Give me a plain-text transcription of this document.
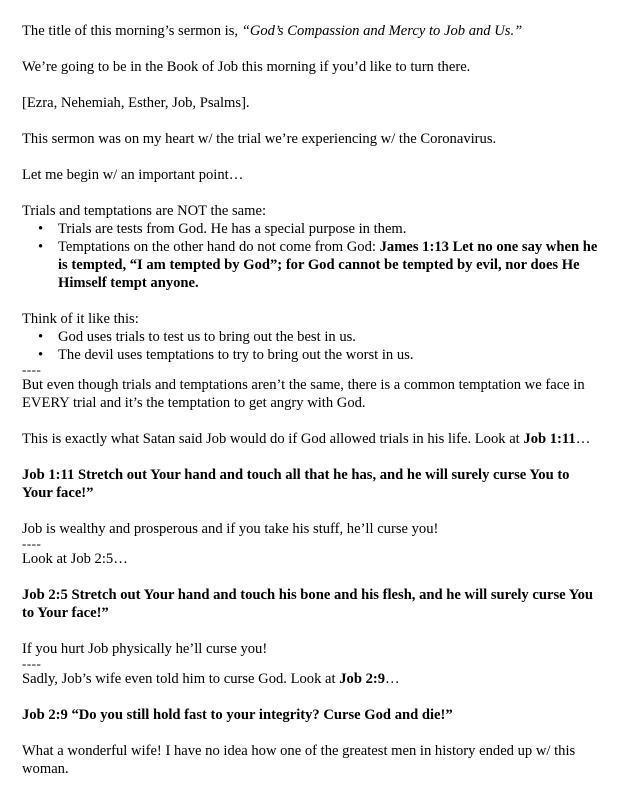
The title of this morning’s sermon is, “God’s Compassion and Mercy to Job and Us.”

We’re going to be in the Book of Job this morning if you’d like to turn there.

[Ezra, Nehemiah, Esther, Job, Psalms].

This sermon was on my heart w/ the trial we’re experiencing w/ the Coronavirus.

Let me begin w/ an important point…

Trials and temptations are NOT the same:

• Trials are tests from God. He has a special purpose in them.
• Temptations on the other hand do not come from God: James 1:13 Let no one say when he is tempted, “I am tempted by God”; for God cannot be tempted by evil, nor does He Himself tempt anyone.

Think of it like this:

• God uses trials to test us to bring out the best in us.
• The devil uses temptations to try to bring out the worst in us.
----

But even though trials and temptations aren’t the same, there is a common temptation we face in EVERY trial and it’s the temptation to get angry with God.

This is exactly what Satan said Job would do if God allowed trials in his life. Look at Job 1:11…

Job 1:11 Stretch out Your hand and touch all that he has, and he will surely curse You to Your face!”

Job is wealthy and prosperous and if you take his stuff, he’ll curse you!

----

Look at Job 2:5…

Job 2:5 Stretch out Your hand and touch his bone and his flesh, and he will surely curse You to Your face!”

If you hurt Job physically he’ll curse you!

----

Sadly, Job’s wife even told him to curse God. Look at Job 2:9…

Job 2:9 “Do you still hold fast to your integrity? Curse God and die!”

What a wonderful wife! I have no idea how one of the greatest men in history ended up w/ this woman.
